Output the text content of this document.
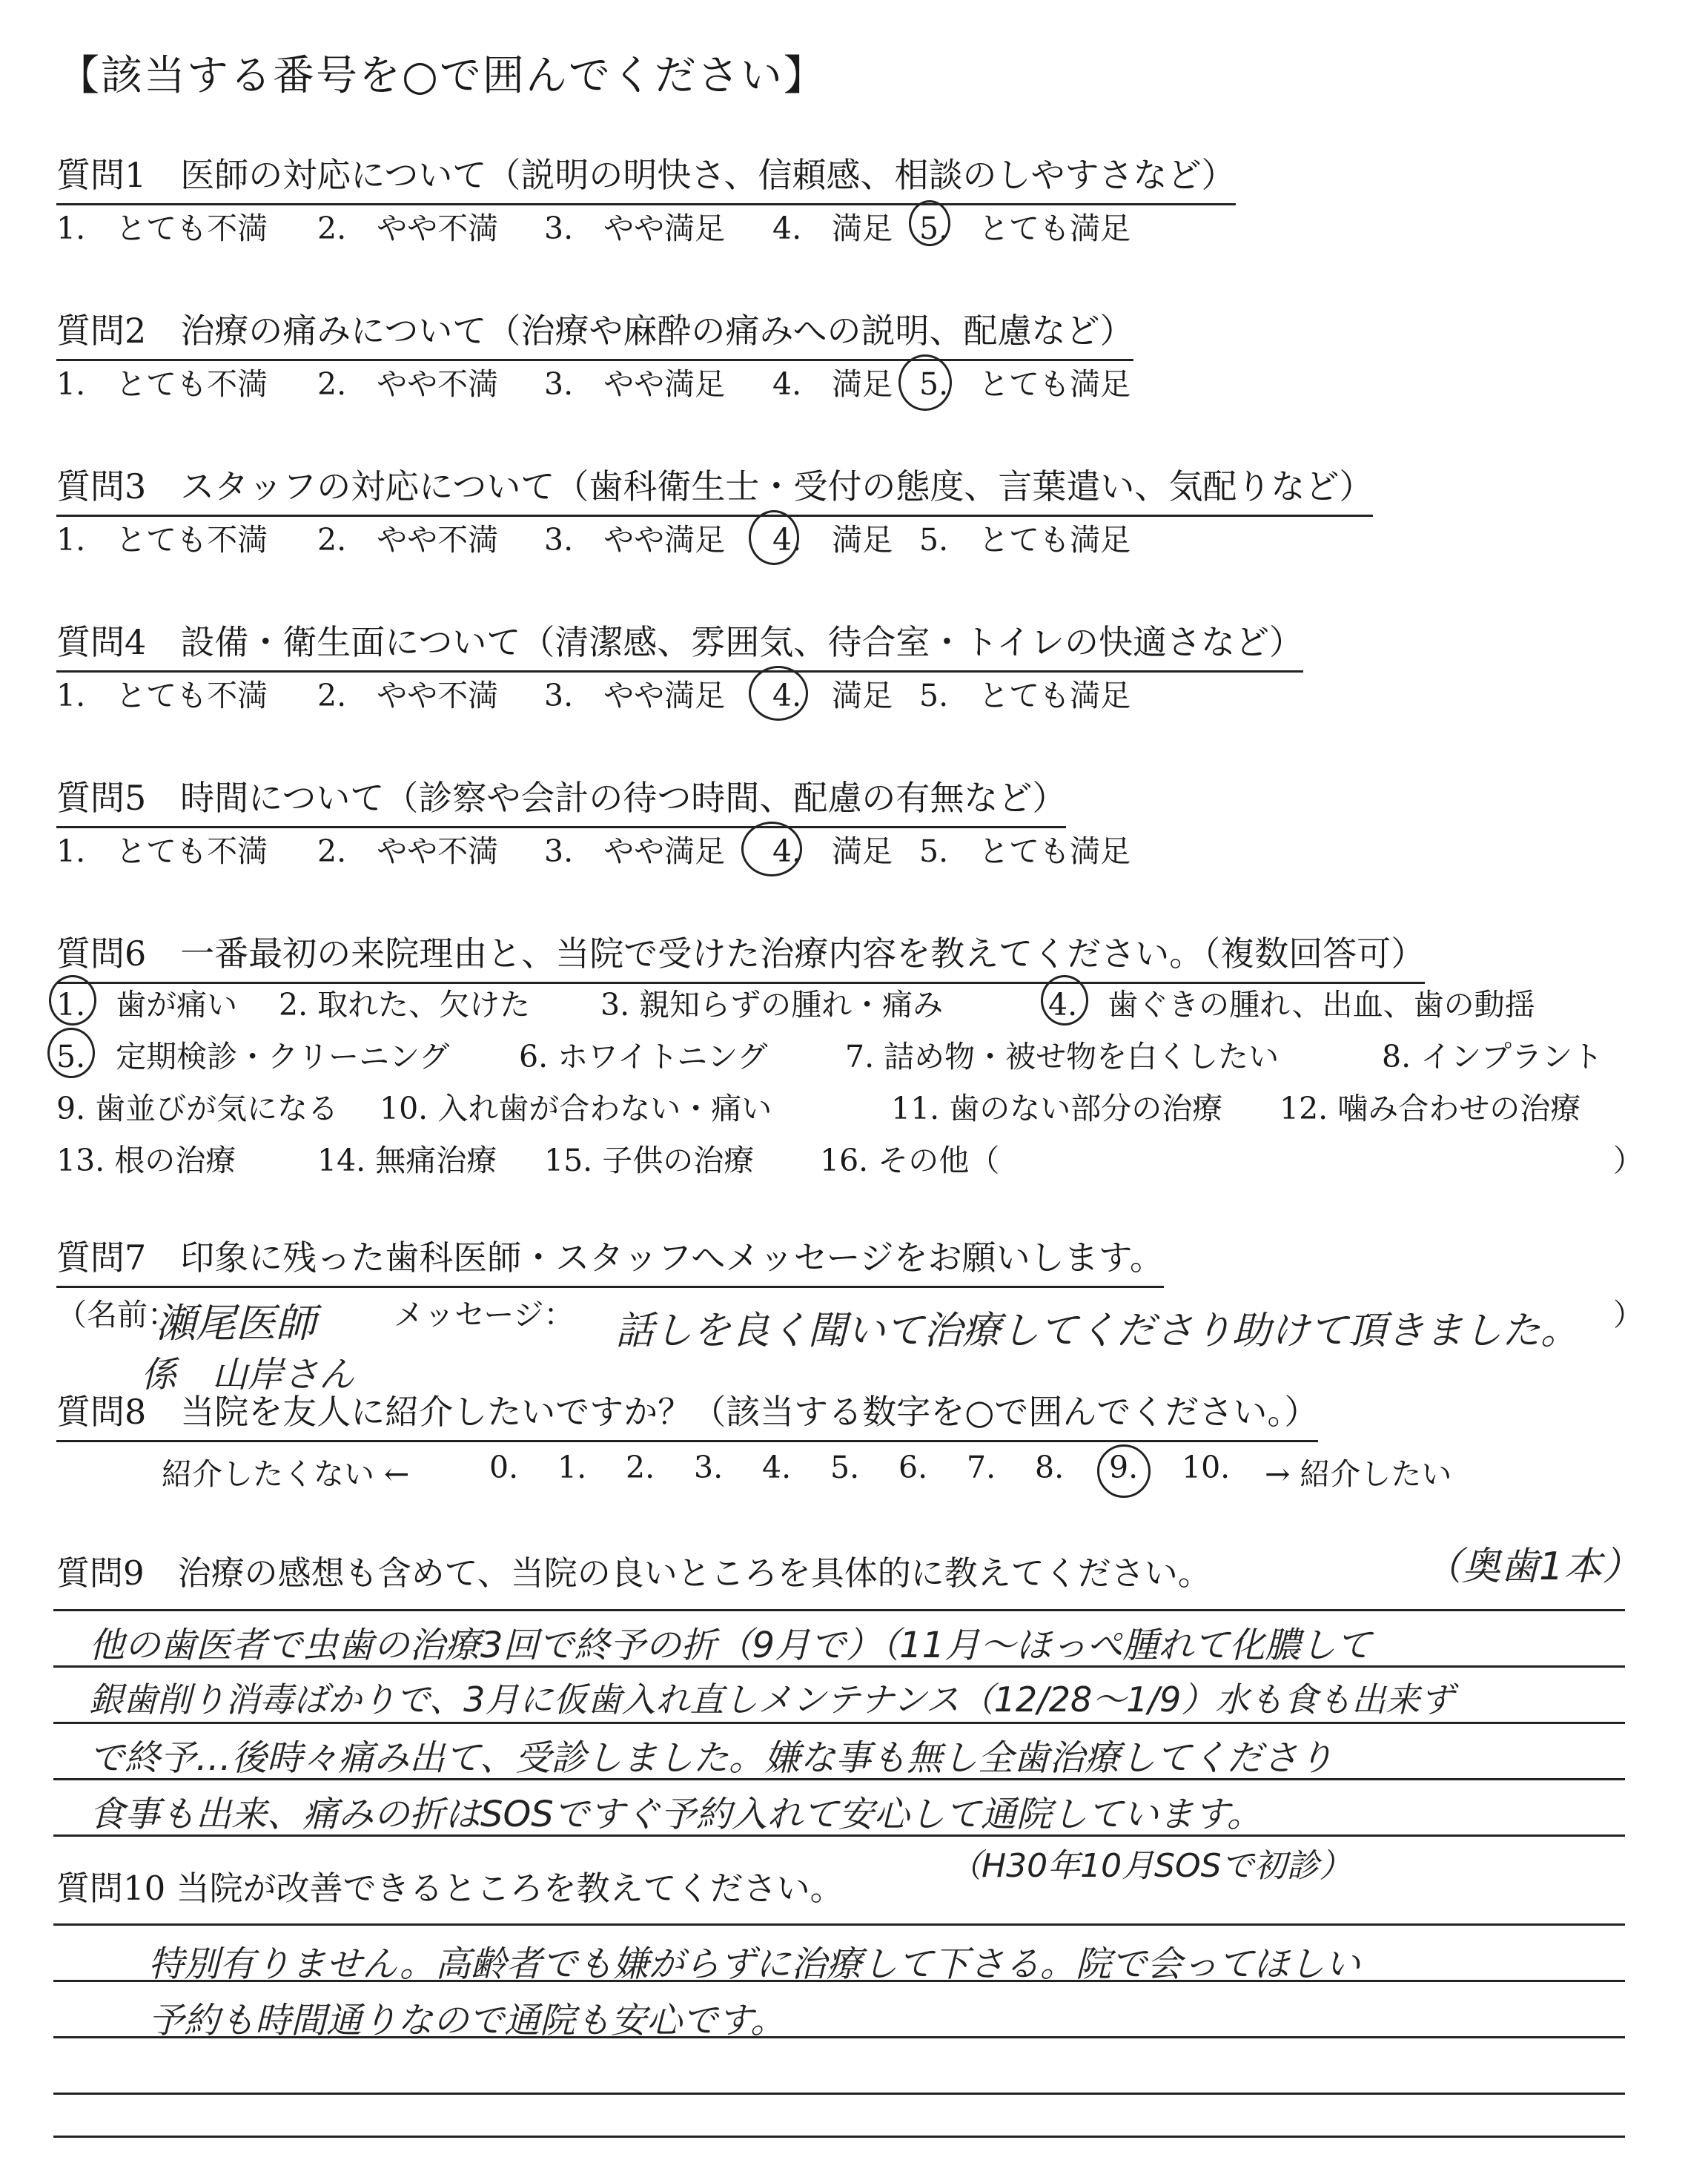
【該当する番号を○で囲んでください】
質問1　 医師の対応について（説明の明快さ、信頼感、相談のしやすさなど）
1.　とても不満 2.　やや不満 3.　やや満足 4.　満足 5.　とても満足
質問2　 治療の痛みについて（治療や麻酔の痛みへの説明、配慮など）
1.　とても不満 2.　やや不満 3.　やや満足 4.　満足 5.　とても満足
質問3　 スタッフの対応について（歯科衛生士・受付の態度、言葉遣い、気配りなど）
1.　とても不満 2.　やや不満 3.　やや満足 4.　満足 5.　とても満足
質問4　 設備・衛生面について（清潔感、雰囲気、待合室・トイレの快適さなど）
1.　とても不満 2.　やや不満 3.　やや満足 4.　満足 5.　とても満足
質問5　 時間について（診察や会計の待つ時間、配慮の有無など）
1.　とても不満 2.　やや不満 3.　やや満足 4.　満足 5.　とても満足
質問6　 一番最初の来院理由と、当院で受けた治療内容を教えてください。（複数回答可）
1.　歯が痛い 2. 取れた、欠けた 3. 親知らずの腫れ・痛み	4.　歯ぐきの腫れ、出血、歯の動揺
5.　定期検診・クリーニング 6. ホワイトニング	7. 詰め物・被せ物を白くしたい	8. インプラント
9. 歯並びが気になる 10. 入れ歯が合わない・痛い	11. 歯のない部分の治療 12. 噛み合わせの治療
13. 根の治療	14. 無痛治療 15. 子供の治療 16. その他（	）
質問7　 印象に残った歯科医師・スタッフへメッセージをお願いします。
（名前：	メッセージ：	）
瀬尾医師
係　山岸さん
話しを良く聞いて治療してくださり助けて頂きました。
質問8　 当院を友人に紹介したいですか？（該当する数字を○で囲んでください。）
紹介したくない ←	0. 1. 2. 3. 4. 5. 6. 7. 8. 9. 10. → 紹介したい
質問9　 治療の感想も含めて、当院の良いところを具体的に教えてください。	（奥歯1本）
他の歯医者で虫歯の治療3回で終予の折（9月で）（11月～ほっぺ腫れて化膿して
銀歯削り消毒ばかりで、3月に仮歯入れ直しメンテナンス（12/28～1/9）水も食も出来ず
で終予…後時々痛み出て、受診しました。嫌な事も無し全歯治療してくださり
食事も出来、痛みの折はSOSですぐ予約入れて安心して通院しています。
（H30年10月SOSで初診）
質問10 当院が改善できるところを教えてください。
特別有りません。高齢者でも嫌がらずに治療して下さる。院で会ってほしい
予約も時間通りなので通院も安心です。
